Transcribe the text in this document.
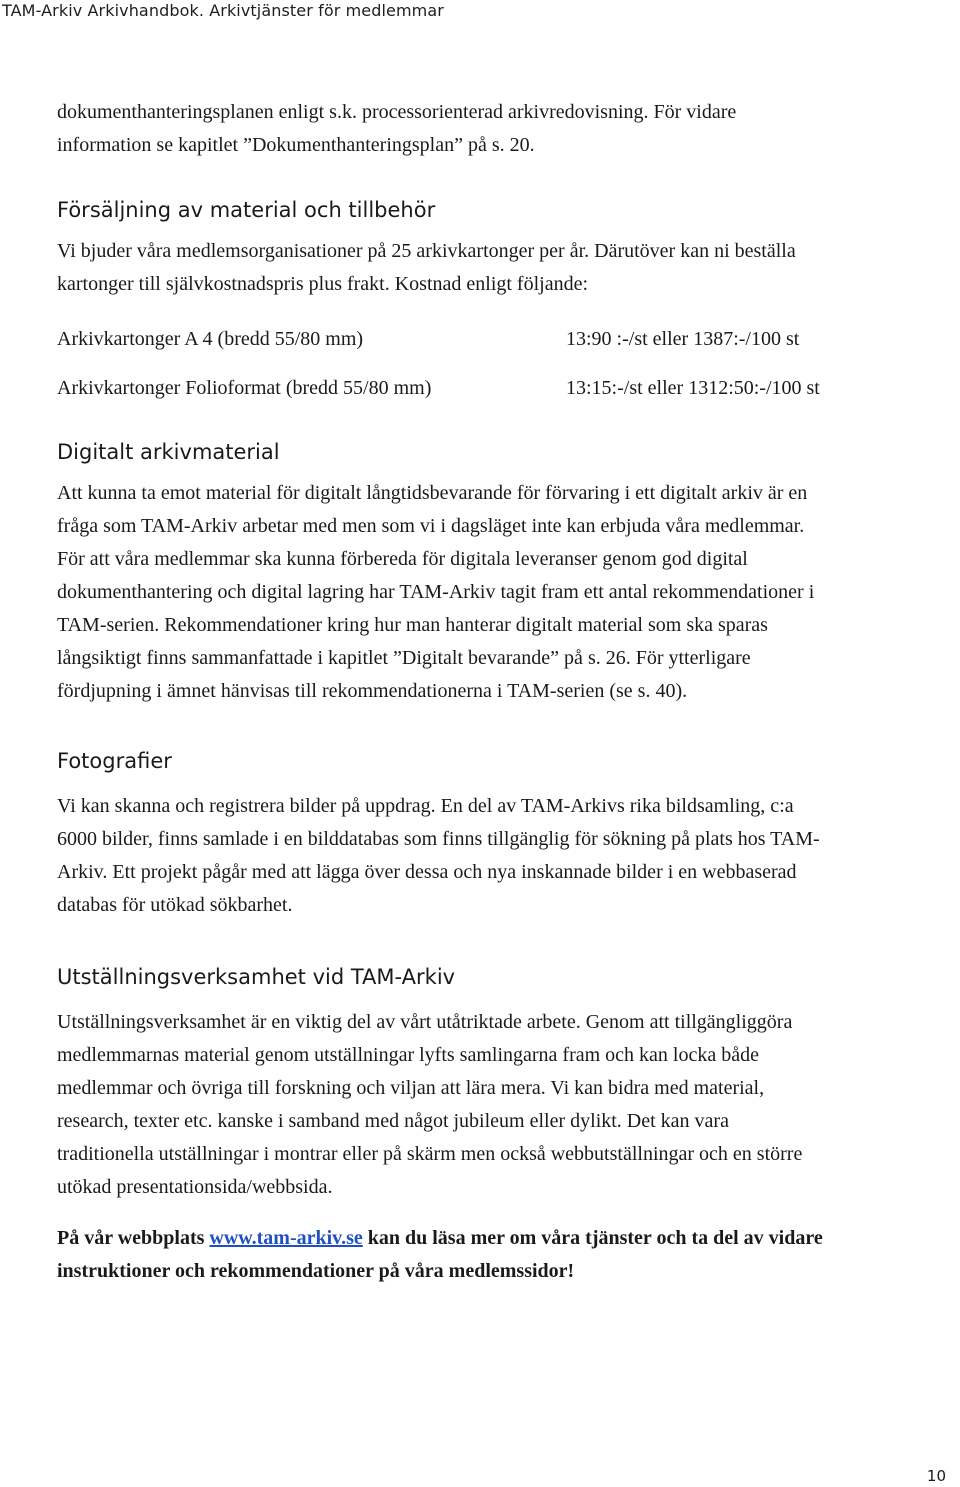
TAM-Arkiv Arkivhandbok. Arkivtjänster för medlemmar

dokumenthanteringsplanen enligt s.k. processorienterad arkivredovisning. För vidare
information se kapitlet ”Dokumenthanteringsplan” på s. 20.

Försäljning av material och tillbehör

Vi bjuder våra medlemsorganisationer på 25 arkivkartonger per år. Därutöver kan ni beställa
kartonger till självkostnadspris plus frakt. Kostnad enligt följande:

Arkivkartonger A 4 (bredd 55/80 mm)	13:90 :-/st eller 1387:-/100 st
Arkivkartonger Folioformat (bredd 55/80 mm)	13:15:-/st eller 1312:50:-/100 st
Digitalt arkivmaterial

Att kunna ta emot material för digitalt långtidsbevarande för förvaring i ett digitalt arkiv är en
fråga som TAM-Arkiv arbetar med men som vi i dagsläget inte kan erbjuda våra medlemmar.
För att våra medlemmar ska kunna förbereda för digitala leveranser genom god digital
dokumenthantering och digital lagring har TAM-Arkiv tagit fram ett antal rekommendationer i
TAM-serien. Rekommendationer kring hur man hanterar digitalt material som ska sparas
långsiktigt finns sammanfattade i kapitlet ”Digitalt bevarande” på s. 26. För ytterligare
fördjupning i ämnet hänvisas till rekommendationerna i TAM-serien (se s. 40).

Fotografier

Vi kan skanna och registrera bilder på uppdrag. En del av TAM-Arkivs rika bildsamling, c:a
6000 bilder, finns samlade i en bilddatabas som finns tillgänglig för sökning på plats hos TAM-
Arkiv. Ett projekt pågår med att lägga över dessa och nya inskannade bilder i en webbaserad
databas för utökad sökbarhet.

Utställningsverksamhet vid TAM-Arkiv

Utställningsverksamhet är en viktig del av vårt utåtriktade arbete. Genom att tillgängliggöra
medlemmarnas material genom utställningar lyfts samlingarna fram och kan locka både
medlemmar och övriga till forskning och viljan att lära mera. Vi kan bidra med material,
research, texter etc. kanske i samband med något jubileum eller dylikt. Det kan vara
traditionella utställningar i montrar eller på skärm men också webbutställningar och en större
utökad presentationsida/webbsida.

På vår webbplats www.tam-arkiv.se kan du läsa mer om våra tjänster och ta del av vidare
instruktioner och rekommendationer på våra medlemssidor!

10
